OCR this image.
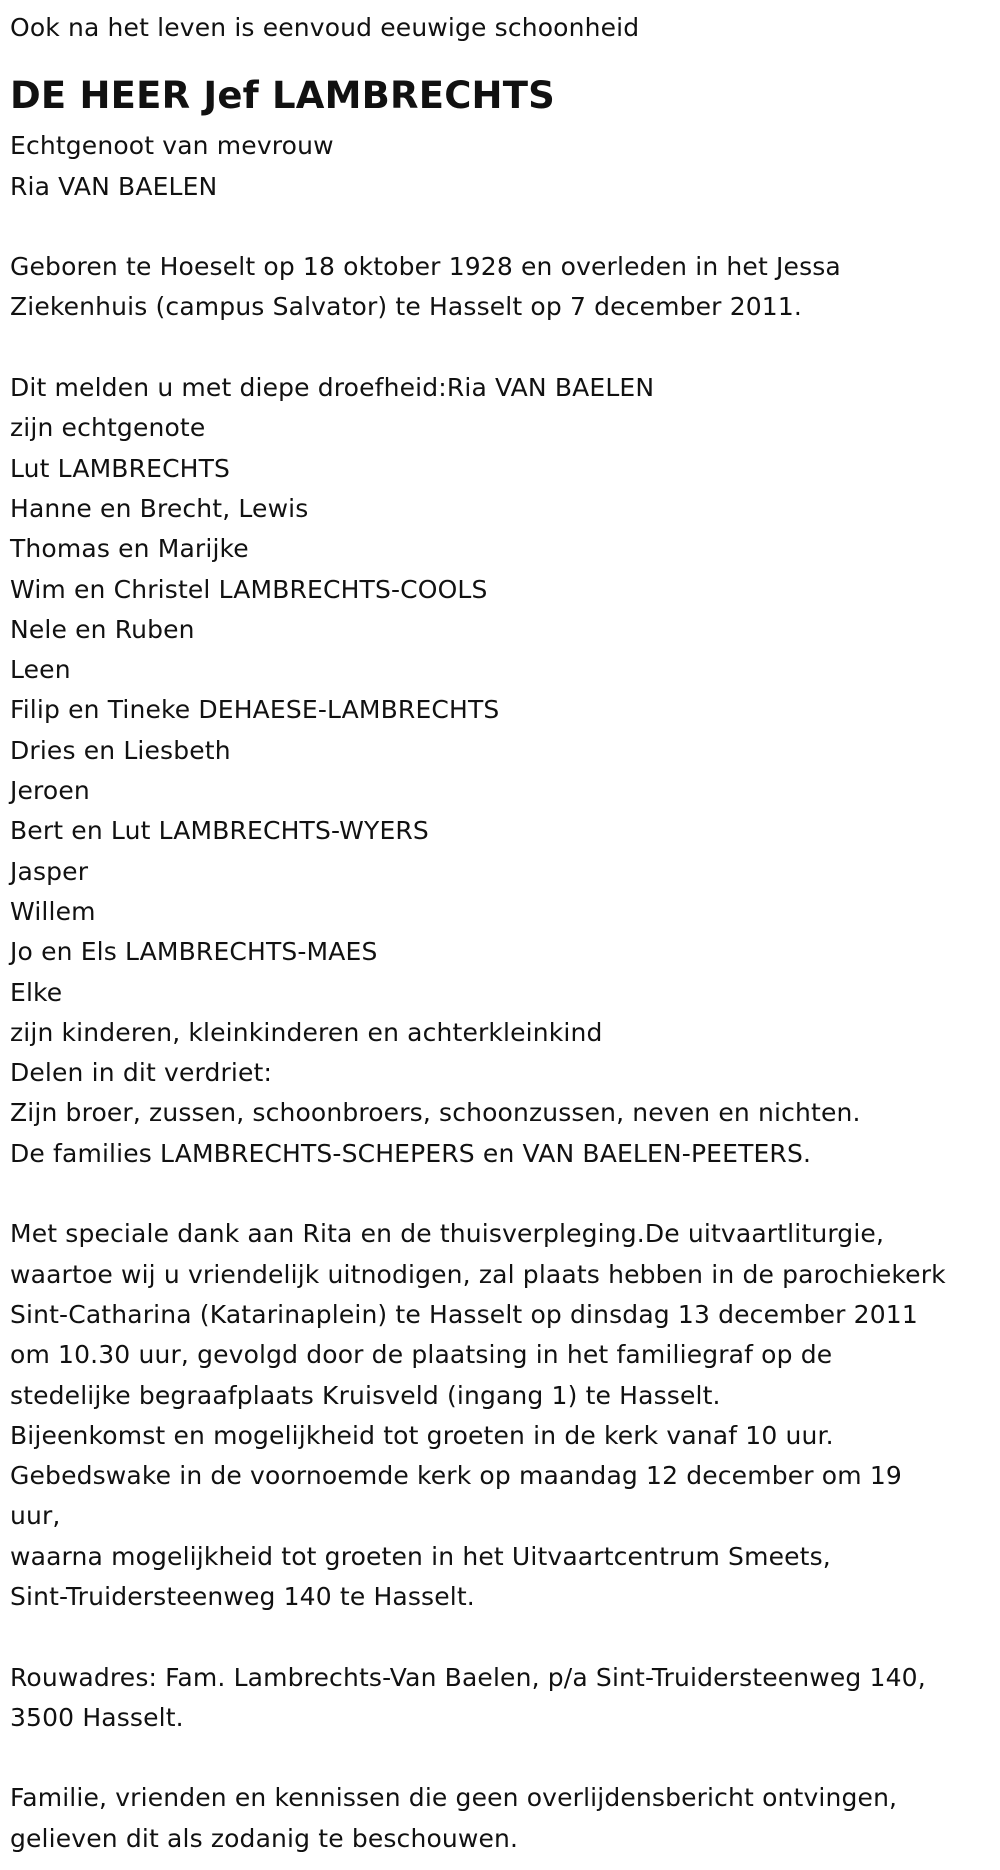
Ook na het leven is eenvoud eeuwige schoonheid
DE HEER Jef LAMBRECHTS
Echtgenoot van mevrouw
Ria VAN BAELEN
Geboren te Hoeselt op 18 oktober 1928 en overleden in het Jessa
Ziekenhuis (campus Salvator) te Hasselt op 7 december 2011.
Dit melden u met diepe droefheid:Ria VAN BAELEN
zijn echtgenote
Lut LAMBRECHTS
Hanne en Brecht, Lewis
Thomas en Marijke
Wim en Christel LAMBRECHTS-COOLS
Nele en Ruben
Leen
Filip en Tineke DEHAESE-LAMBRECHTS
Dries en Liesbeth
Jeroen
Bert en Lut LAMBRECHTS-WYERS
Jasper
Willem
Jo en Els LAMBRECHTS-MAES
Elke
zijn kinderen, kleinkinderen en achterkleinkind
Delen in dit verdriet:
Zijn broer, zussen, schoonbroers, schoonzussen, neven en nichten.
De families LAMBRECHTS-SCHEPERS en VAN BAELEN-PEETERS.
Met speciale dank aan Rita en de thuisverpleging.De uitvaartliturgie,
waartoe wij u vriendelijk uitnodigen, zal plaats hebben in de parochiekerk
Sint-Catharina (Katarinaplein) te Hasselt op dinsdag 13 december 2011
om 10.30 uur, gevolgd door de plaatsing in het familiegraf op de
stedelijke begraafplaats Kruisveld (ingang 1) te Hasselt.
Bijeenkomst en mogelijkheid tot groeten in de kerk vanaf 10 uur.
Gebedswake in de voornoemde kerk op maandag 12 december om 19
uur,
waarna mogelijkheid tot groeten in het Uitvaartcentrum Smeets,
Sint-Truidersteenweg 140 te Hasselt.
Rouwadres: Fam. Lambrechts-Van Baelen, p/a Sint-Truidersteenweg 140,
3500 Hasselt.
Familie, vrienden en kennissen die geen overlijdensbericht ontvingen,
gelieven dit als zodanig te beschouwen.
